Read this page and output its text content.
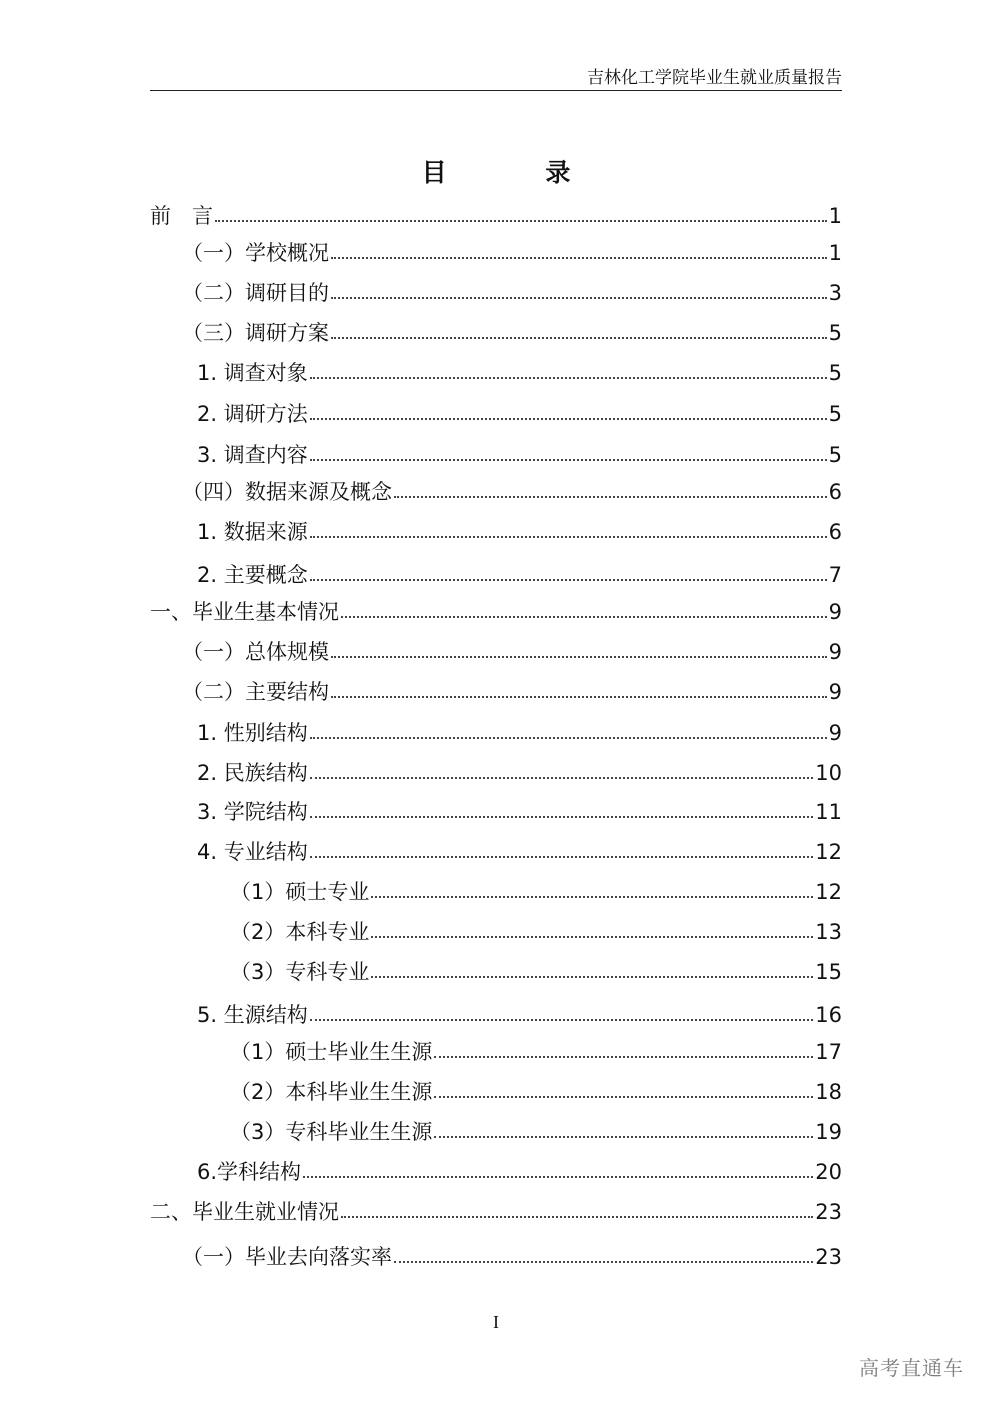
吉林化工学院毕业生就业质量报告
目 录
前　言	1
（一）学校概况	1
（二）调研目的	3
（三）调研方案	5
1. 调查对象	5
2. 调研方法	5
3. 调查内容	5
（四）数据来源及概念	6
1. 数据来源	6
2. 主要概念	7
一、毕业生基本情况	9
（一）总体规模	9
（二）主要结构	9
1. 性别结构	9
2. 民族结构	10
3. 学院结构	11
4. 专业结构	12
（1）硕士专业	12
（2）本科专业	13
（3）专科专业	15
5. 生源结构	16
（1）硕士毕业生生源	17
（2）本科毕业生生源	18
（3）专科毕业生生源	19
6.学科结构	20
二、毕业生就业情况	23
（一）毕业去向落实率	23
I
高考直通车
